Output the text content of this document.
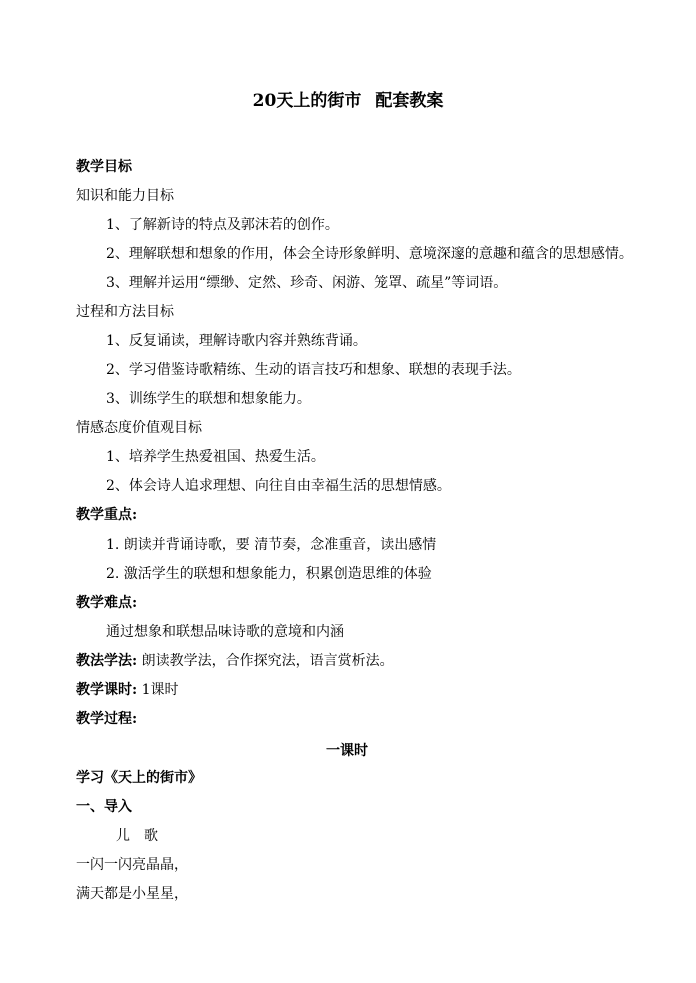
20天上的街市 配套教案
教学目标
知识和能力目标
1、了解新诗的特点及郭沫若的创作。
2、理解联想和想象的作用，体会全诗形象鲜明、意境深邃的意趣和蕴含的思想感情。
3、理解并运用“缥缈、定然、珍奇、闲游、笼罩、疏星”等词语。
过程和方法目标
1、反复诵读，理解诗歌内容并熟练背诵。
2、学习借鉴诗歌精练、生动的语言技巧和想象、联想的表现手法。
3、训练学生的联想和想象能力。
情感态度价值观目标
1、培养学生热爱祖国、热爱生活。
2、体会诗人追求理想、向往自由幸福生活的思想情感。
教学重点:
1. 朗读并背诵诗歌，要 清节奏，念准重音，读出感情
2. 激活学生的联想和想象能力，积累创造思维的体验
教学难点:
通过想象和联想品味诗歌的意境和内涵
教法学法: 朗读教学法，合作探究法，语言赏析法。
教学课时: 1课时
教学过程:
一课时
学习《天上的街市》
一、导入
儿　歌
一闪一闪亮晶晶，
满天都是小星星，
